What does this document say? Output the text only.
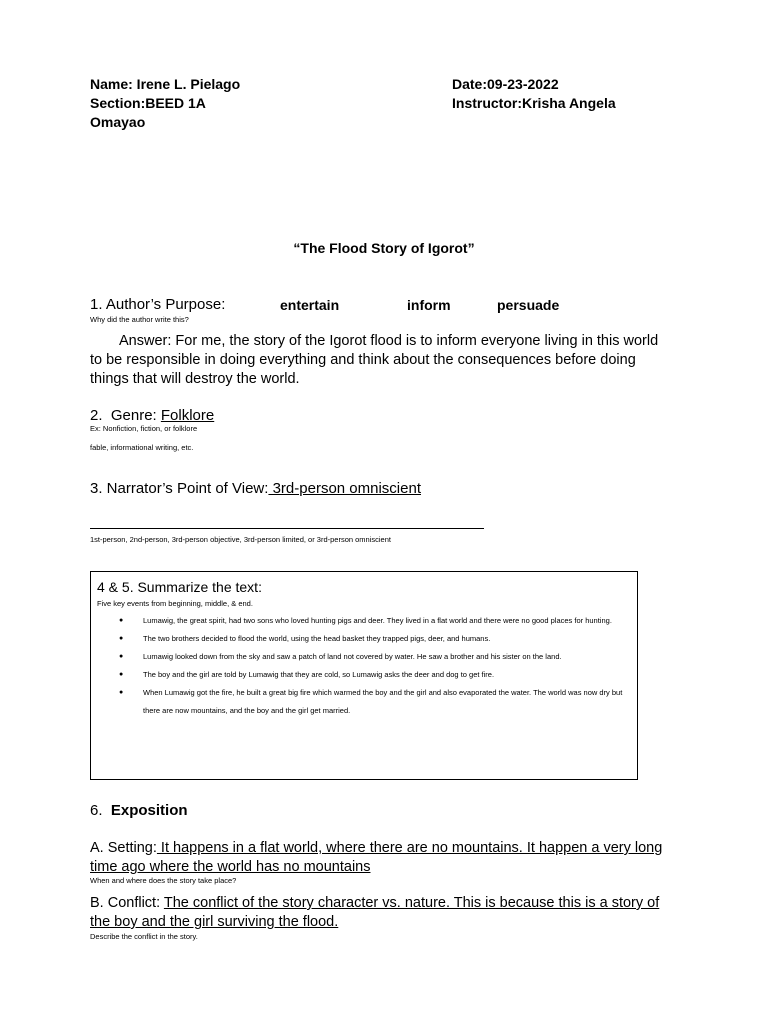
Name: Irene L. Pielago
Section:BEED 1A
Omayao
Date:09-23-2022
Instructor:Krisha Angela
“The Flood Story of Igorot”
1. Author’s Purpose:	entertain	inform	persuade
Why did the author write this?
Answer: For me, the story of the Igorot flood is to inform everyone living in this world to be responsible in doing everything and think about the consequences before doing things that will destroy the world.
2.  Genre: Folklore
Ex: Nonfiction, fiction, or folklore
fable, informational writing, etc.
3. Narrator’s Point of View: 3rd-person omniscient
1st-person, 2nd-person, 3rd-person objective, 3rd-person limited, or 3rd-person omniscient
4 & 5. Summarize the text:
Five key events from beginning, middle, & end.
●	Lumawig, the great spirit, had two sons who loved hunting pigs and deer. They lived in a flat world and there were no good places for hunting.
●	The two brothers decided to flood the world, using the head basket they trapped pigs, deer, and humans.
●	Lumawig looked down from the sky and saw a patch of land not covered by water. He saw a brother and his sister on the land.
●	The boy and the girl are told by Lumawig that they are cold, so Lumawig asks the deer and dog to get fire.
●	When Lumawig got the fire, he built a great big fire which warmed the boy and the girl and also evaporated the water. The world was now dry but there are now mountains, and the boy and the girl get married.
6. Exposition
A. Setting: It happens in a flat world, where there are no mountains. It happen a very long time ago where the world has no mountains
When and where does the story take place?
B. Conflict: The conflict of the story character vs. nature. This is because this is a story of the boy and the girl surviving the flood.
Describe the conflict in the story.
